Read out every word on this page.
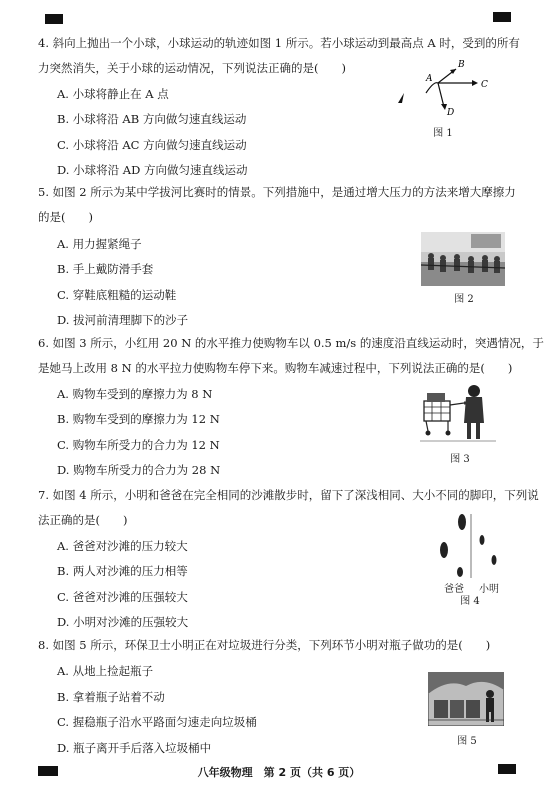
4. 斜向上抛出一个小球，小球运动的轨迹如图 1 所示。若小球运动到最高点 A 时，受到的所有
力突然消失，关于小球的运动情况，下列说法正确的是(　　)
A. 小球将静止在 A 点
B. 小球将沿 AB 方向做匀速直线运动
C. 小球将沿 AC 方向做匀速直线运动
D. 小球将沿 AD 方向做匀速直线运动
A
B
C
D
图 1
5. 如图 2 所示为某中学拔河比赛时的情景。下列措施中，是通过增大压力的方法来增大摩擦力
的是(　　)
A. 用力握紧绳子
B. 手上戴防滑手套
C. 穿鞋底粗糙的运动鞋
D. 拔河前清理脚下的沙子
图 2
6. 如图 3 所示，小红用 20 N 的水平推力使购物车以 0.5 m/s 的速度沿直线运动时，突遇情况，于
是她马上改用 8 N 的水平拉力使购物车停下来。购物车减速过程中，下列说法正确的是(　　)
A. 购物车受到的摩擦力为 8 N
B. 购物车受到的摩擦力为 12 N
C. 购物车所受力的合力为 12 N
D. 购物车所受力的合力为 28 N
图 3
7. 如图 4 所示，小明和爸爸在完全相同的沙滩散步时，留下了深浅相同、大小不同的脚印，下列说
法正确的是(　　)
A. 爸爸对沙滩的压力较大
B. 两人对沙滩的压力相等
C. 爸爸对沙滩的压强较大
D. 小明对沙滩的压强较大
爸爸	小明
图 4
8. 如图 5 所示，环保卫士小明正在对垃圾进行分类，下列环节小明对瓶子做功的是(　　)
A. 从地上捡起瓶子
B. 拿着瓶子站着不动
C. 握稳瓶子沿水平路面匀速走向垃圾桶
D. 瓶子离开手后落入垃圾桶中	图 5
八年级物理　第 2 页（共 6 页）
